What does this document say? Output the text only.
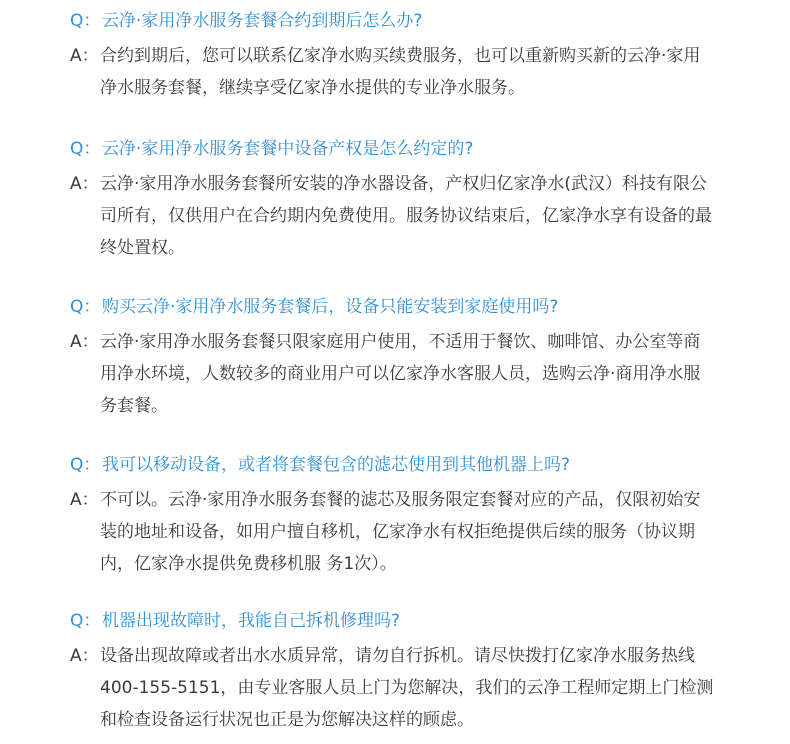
Q：云净·家用净水服务套餐合约到期后怎么办?
A： 合约到期后，您可以联系亿家净水购买续费服务，也可以重新购买新的云净·家用
净水服务套餐，继续享受亿家净水提供的专业净水服务。
Q：云净·家用净水服务套餐中设备产权是怎么约定的?
A： 云净·家用净水服务套餐所安装的净水器设备，产权归亿家净水(武汉）科技有限公
司所有，仅供用户在合约期内免费使用。服务协议结束后，亿家净水享有设备的最
终处置权。
Q：购买云净·家用净水服务套餐后，设备只能安装到家庭使用吗?
A： 云净·家用净水服务套餐只限家庭用户使用，不适用于餐饮、咖啡馆、办公室等商
用净水环境，人数较多的商业用户可以亿家净水客服人员，选购云净·商用净水服
务套餐。
Q：我可以移动设备，或者将套餐包含的滤芯使用到其他机器上吗?
A： 不可以。云净·家用净水服务套餐的滤芯及服务限定套餐对应的产品，仅限初始安
装的地址和设备，如用户擅自移机，亿家净水有权拒绝提供后续的服务（协议期
内，亿家净水提供免费移机服 务1次）。
Q：机器出现故障时，我能自己拆机修理吗?
A： 设备出现故障或者出水水质异常，请勿自行拆机。请尽快拨打亿家净水服务热线
400-155-5151，由专业客服人员上门为您解决，我们的云净工程师定期上门检测
和检查设备运行状况也正是为您解决这样的顾虑。
